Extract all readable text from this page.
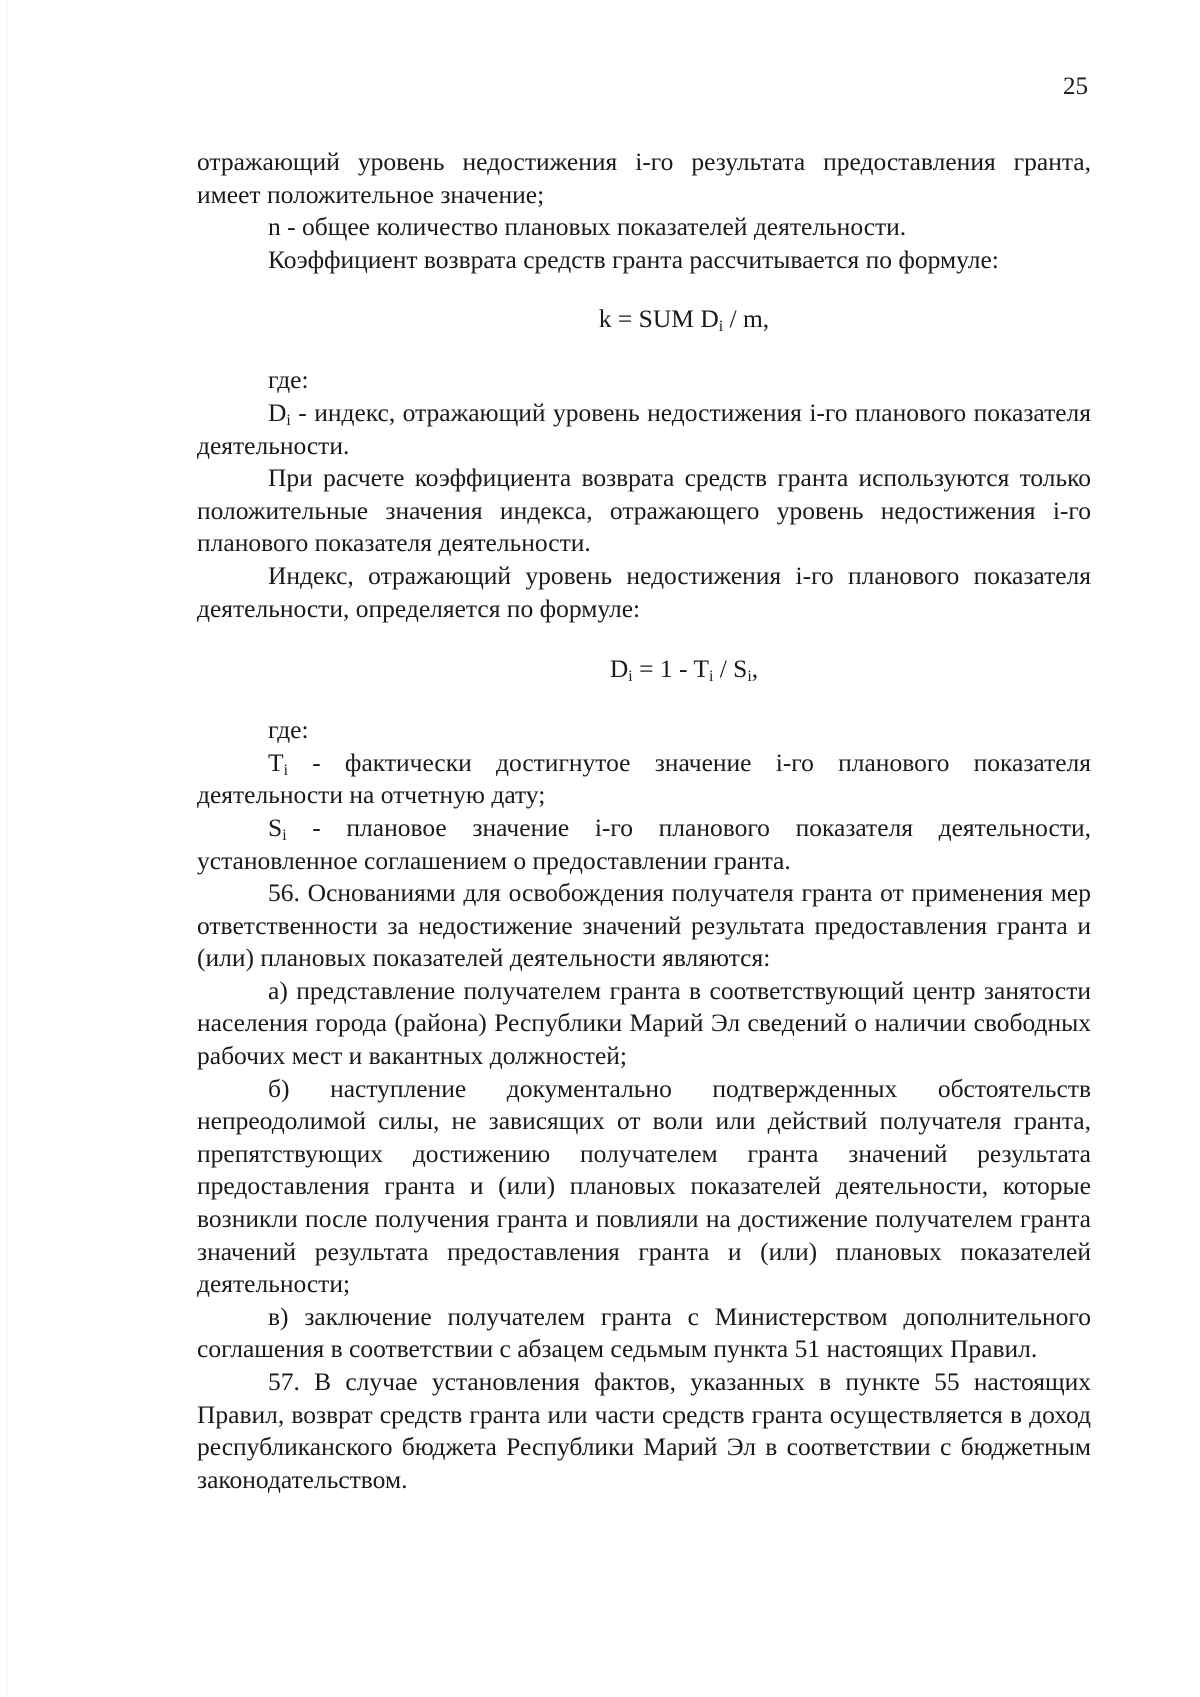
25

отражающий уровень недостижения i-го результата предоставления гранта, имеет положительное значение;

n - общее количество плановых показателей деятельности.

Коэффициент возврата средств гранта рассчитывается по формуле:

k = SUM $D_i$ / m,

где:

$D_i$ - индекс, отражающий уровень недостижения i-го планового показателя деятельности.

При расчете коэффициента возврата средств гранта используются только положительные значения индекса, отражающего уровень недостижения i-го планового показателя деятельности.

Индекс, отражающий уровень недостижения i-го планового показателя деятельности, определяется по формуле:

$D_i = 1 - T_i / S_i$,

где:

$T_i$ - фактически достигнутое значение i-го планового показателя деятельности на отчетную дату;

$S_i$ - плановое значение i-го планового показателя деятельности, установленное соглашением о предоставлении гранта.

56. Основаниями для освобождения получателя гранта от применения мер ответственности за недостижение значений результата предоставления гранта и (или) плановых показателей деятельности являются:

а) представление получателем гранта в соответствующий центр занятости населения города (района) Республики Марий Эл сведений о наличии свободных рабочих мест и вакантных должностей;

б) наступление документально подтвержденных обстоятельств непреодолимой силы, не зависящих от воли или действий получателя гранта, препятствующих достижению получателем гранта значений результата предоставления гранта и (или) плановых показателей деятельности, которые возникли после получения гранта и повлияли на достижение получателем гранта значений результата предоставления гранта и (или) плановых показателей деятельности;

в) заключение получателем гранта с Министерством дополнительного соглашения в соответствии с абзацем седьмым пункта 51 настоящих Правил.

57. В случае установления фактов, указанных в пункте 55 настоящих Правил, возврат средств гранта или части средств гранта осуществляется в доход республиканского бюджета Республики Марий Эл в соответствии с бюджетным законодательством.
